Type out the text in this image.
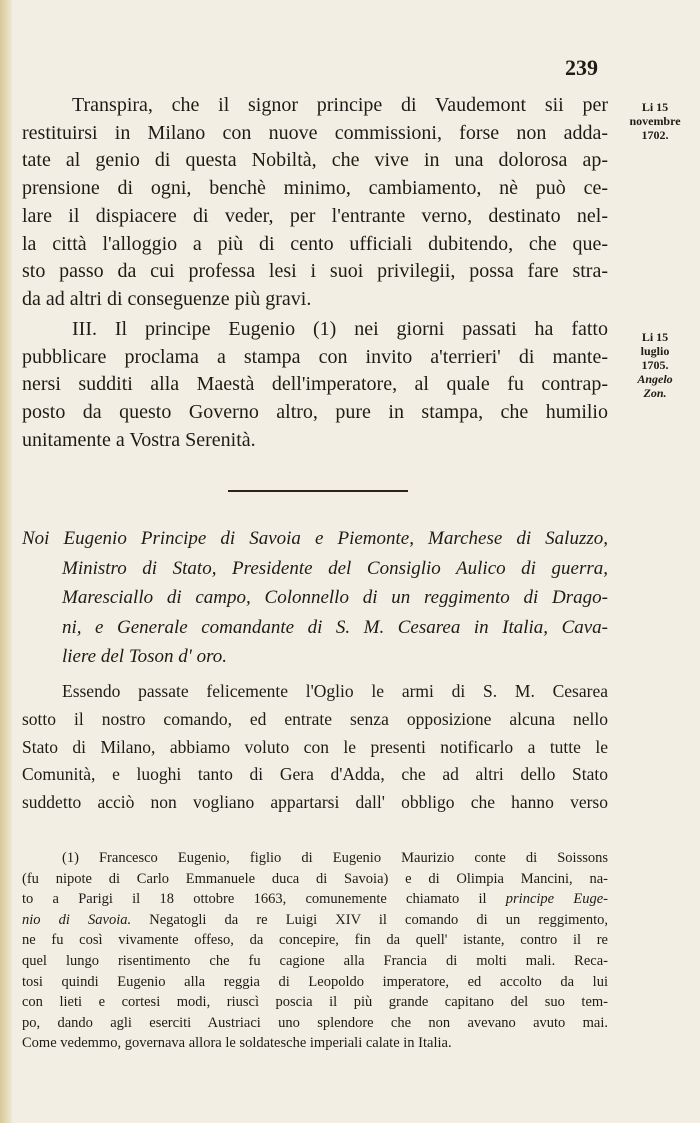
239
Transpira, che il signor principe di Vaudemont sii per
restituirsi in Milano con nuove commissioni, forse non adda-
tate al genio di questa Nobiltà, che vive in una dolorosa ap-
prensione di ogni, benchè minimo, cambiamento, nè può ce-
lare il dispiacere di veder, per l'entrante verno, destinato nel-
la città l'alloggio a più di cento ufficiali dubitendo, che que-
sto passo da cui professa lesi i suoi privilegii, possa fare stra-
da ad altri di conseguenze più gravi.
III. Il principe Eugenio (1) nei giorni passati ha fatto
pubblicare proclama a stampa con invito a'terrieri' di mante-
nersi sudditi alla Maestà dell'imperatore, al quale fu contrap-
posto da questo Governo altro, pure in stampa, che humilio
unitamente a Vostra Serenità.
Li 15
novembre
1702.
Li 15
luglio
1705.
Angelo
Zon.
Noi Eugenio Principe di Savoia e Piemonte, Marchese di Saluzzo,
Ministro di Stato, Presidente del Consiglio Aulico di guerra,
Maresciallo di campo, Colonnello di un reggimento di Drago-
ni, e Generale comandante di S. M. Cesarea in Italia, Cava-
liere del Toson d' oro.
Essendo passate felicemente l'Oglio le armi di S. M. Cesarea
sotto il nostro comando, ed entrate senza opposizione alcuna nello
Stato di Milano, abbiamo voluto con le presenti notificarlo a tutte le
Comunità, e luoghi tanto di Gera d'Adda, che ad altri dello Stato
suddetto acciò non vogliano appartarsi dall' obbligo che hanno verso
(1) Francesco Eugenio, figlio di Eugenio Maurizio conte di Soissons
(fu nipote di Carlo Emmanuele duca di Savoia) e di Olimpia Mancini, na-
to a Parigi il 18 ottobre 1663, comunemente chiamato il principe Euge-
nio di Savoia. Negatogli da re Luigi XIV il comando di un reggimento,
ne fu così vivamente offeso, da concepire, fin da quell' istante, contro il re
quel lungo risentimento che fu cagione alla Francia di molti mali. Reca-
tosi quindi Eugenio alla reggia di Leopoldo imperatore, ed accolto da lui
con lieti e cortesi modi, riuscì poscia il più grande capitano del suo tem-
po, dando agli eserciti Austriaci uno splendore che non avevano avuto mai.
Come vedemmo, governava allora le soldatesche imperiali calate in Italia.
